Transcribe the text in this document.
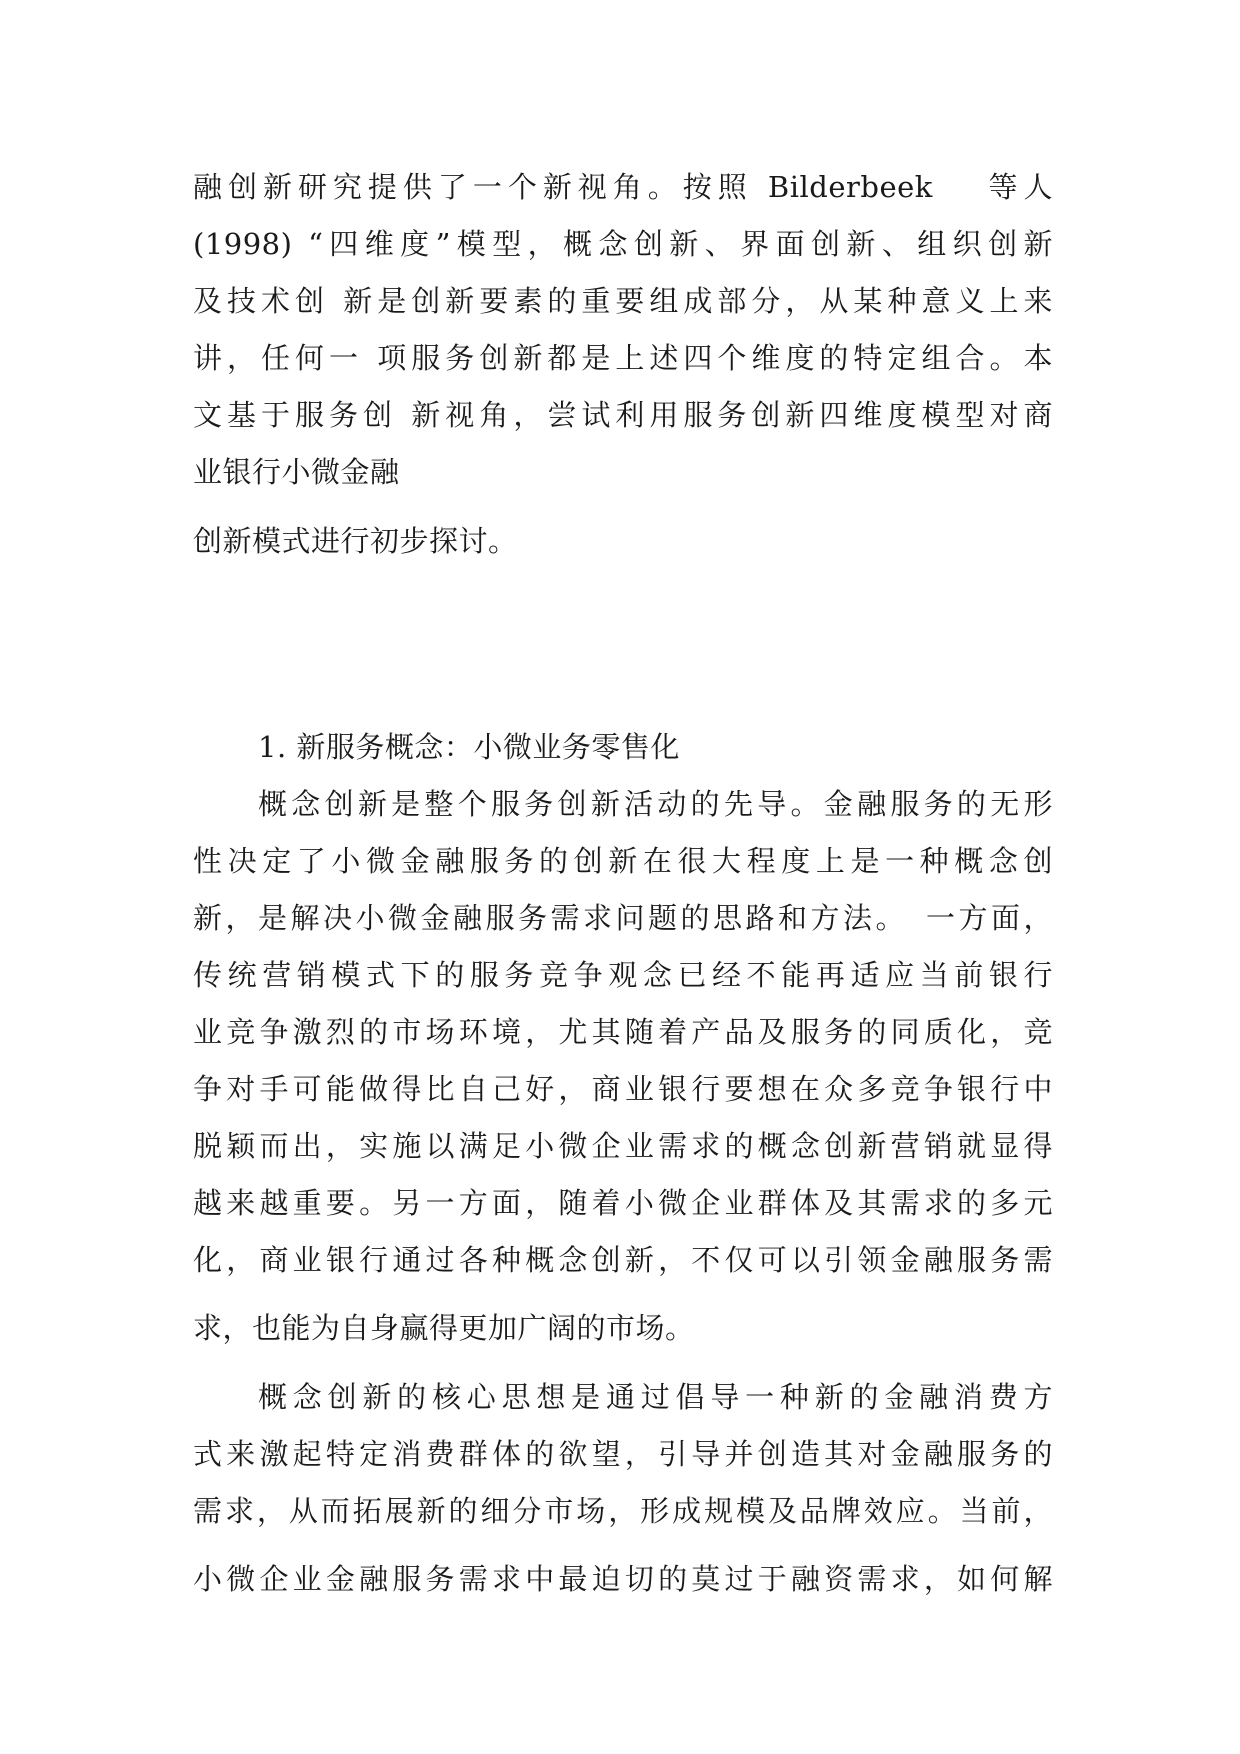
融创新研究提供了一个新视角。按照 Bilderbeek　 等人
(1998) “四维度”模型，概念创新、界面创新、组织创新
及技术创 新是创新要素的重要组成部分，从某种意义上来
讲，任何一 项服务创新都是上述四个维度的特定组合。本
文基于服务创 新视角，尝试利用服务创新四维度模型对商
业银行小微金融
创新模式进行初步探讨。
1. 新服务概念：小微业务零售化
概念创新是整个服务创新活动的先导。金融服务的无形
性决定了小微金融服务的创新在很大程度上是一种概念创
新，是解决小微金融服务需求问题的思路和方法。　一方面，
传统营销模式下的服务竞争观念已经不能再适应当前银行
业竞争激烈的市场环境，尤其随着产品及服务的同质化，竞
争对手可能做得比自己好，商业银行要想在众多竞争银行中
脱颖而出，实施以满足小微企业需求的概念创新营销就显得
越来越重要。另一方面，随着小微企业群体及其需求的多元
化，商业银行通过各种概念创新，不仅可以引领金融服务需
求，也能为自身赢得更加广阔的市场。
概念创新的核心思想是通过倡导一种新的金融消费方
式来激起特定消费群体的欲望，引导并创造其对金融服务的
需求，从而拓展新的细分市场，形成规模及品牌效应。当前，
小微企业金融服务需求中最迫切的莫过于融资需求，如何解
